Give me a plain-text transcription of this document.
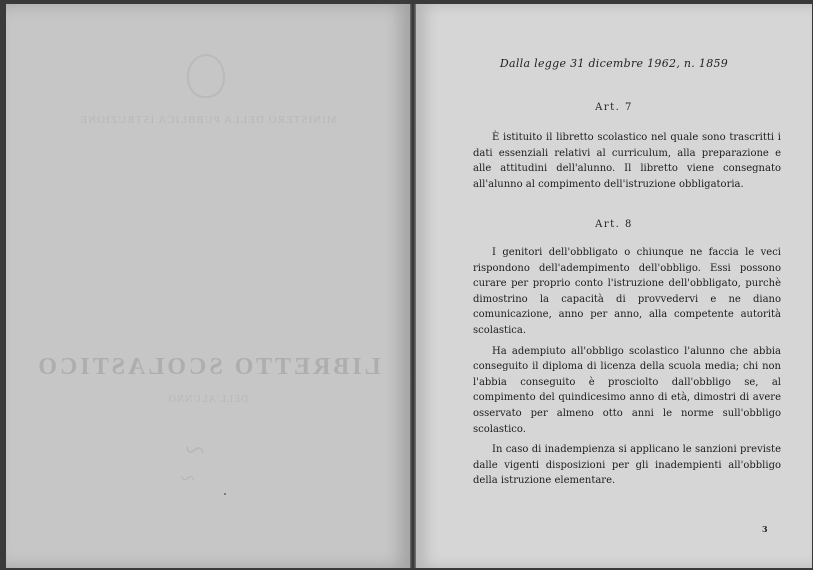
MINISTERO DELLA PUBBLICA ISTRUZIONE
LIBRETTO SCOLASTICO
DELL'ALUNNO
~
~
Dalla legge 31 dicembre 1962, n. 1859
Art. 7

È istituito il libretto scolastico nel quale sono trascritti i dati essenziali relativi al curriculum, alla preparazione e alle attitudini dell'alunno. Il libretto viene consegnato all'alunno al compimento dell'istruzione obbligatoria.

Art. 8

I genitori dell'obbligato o chiunque ne faccia le veci rispondono dell'adempimento dell'obbligo. Essi possono curare per proprio conto l'istruzione dell'obbligato, purchè dimostrino la capacità di provvedervi e ne diano comunicazione, anno per anno, alla competente autorità scolastica.

Ha adempiuto all'obbligo scolastico l'alunno che abbia conseguito il diploma di licenza della scuola media; chi non l'abbia conseguito è prosciolto dall'obbligo se, al compimento del quindicesimo anno di età, dimostri di avere osservato per almeno otto anni le norme sull'obbligo scolastico.

In caso di inadempienza si applicano le sanzioni previste dalle vigenti disposizioni per gli inadempienti all'obbligo della istruzione elementare.

3
